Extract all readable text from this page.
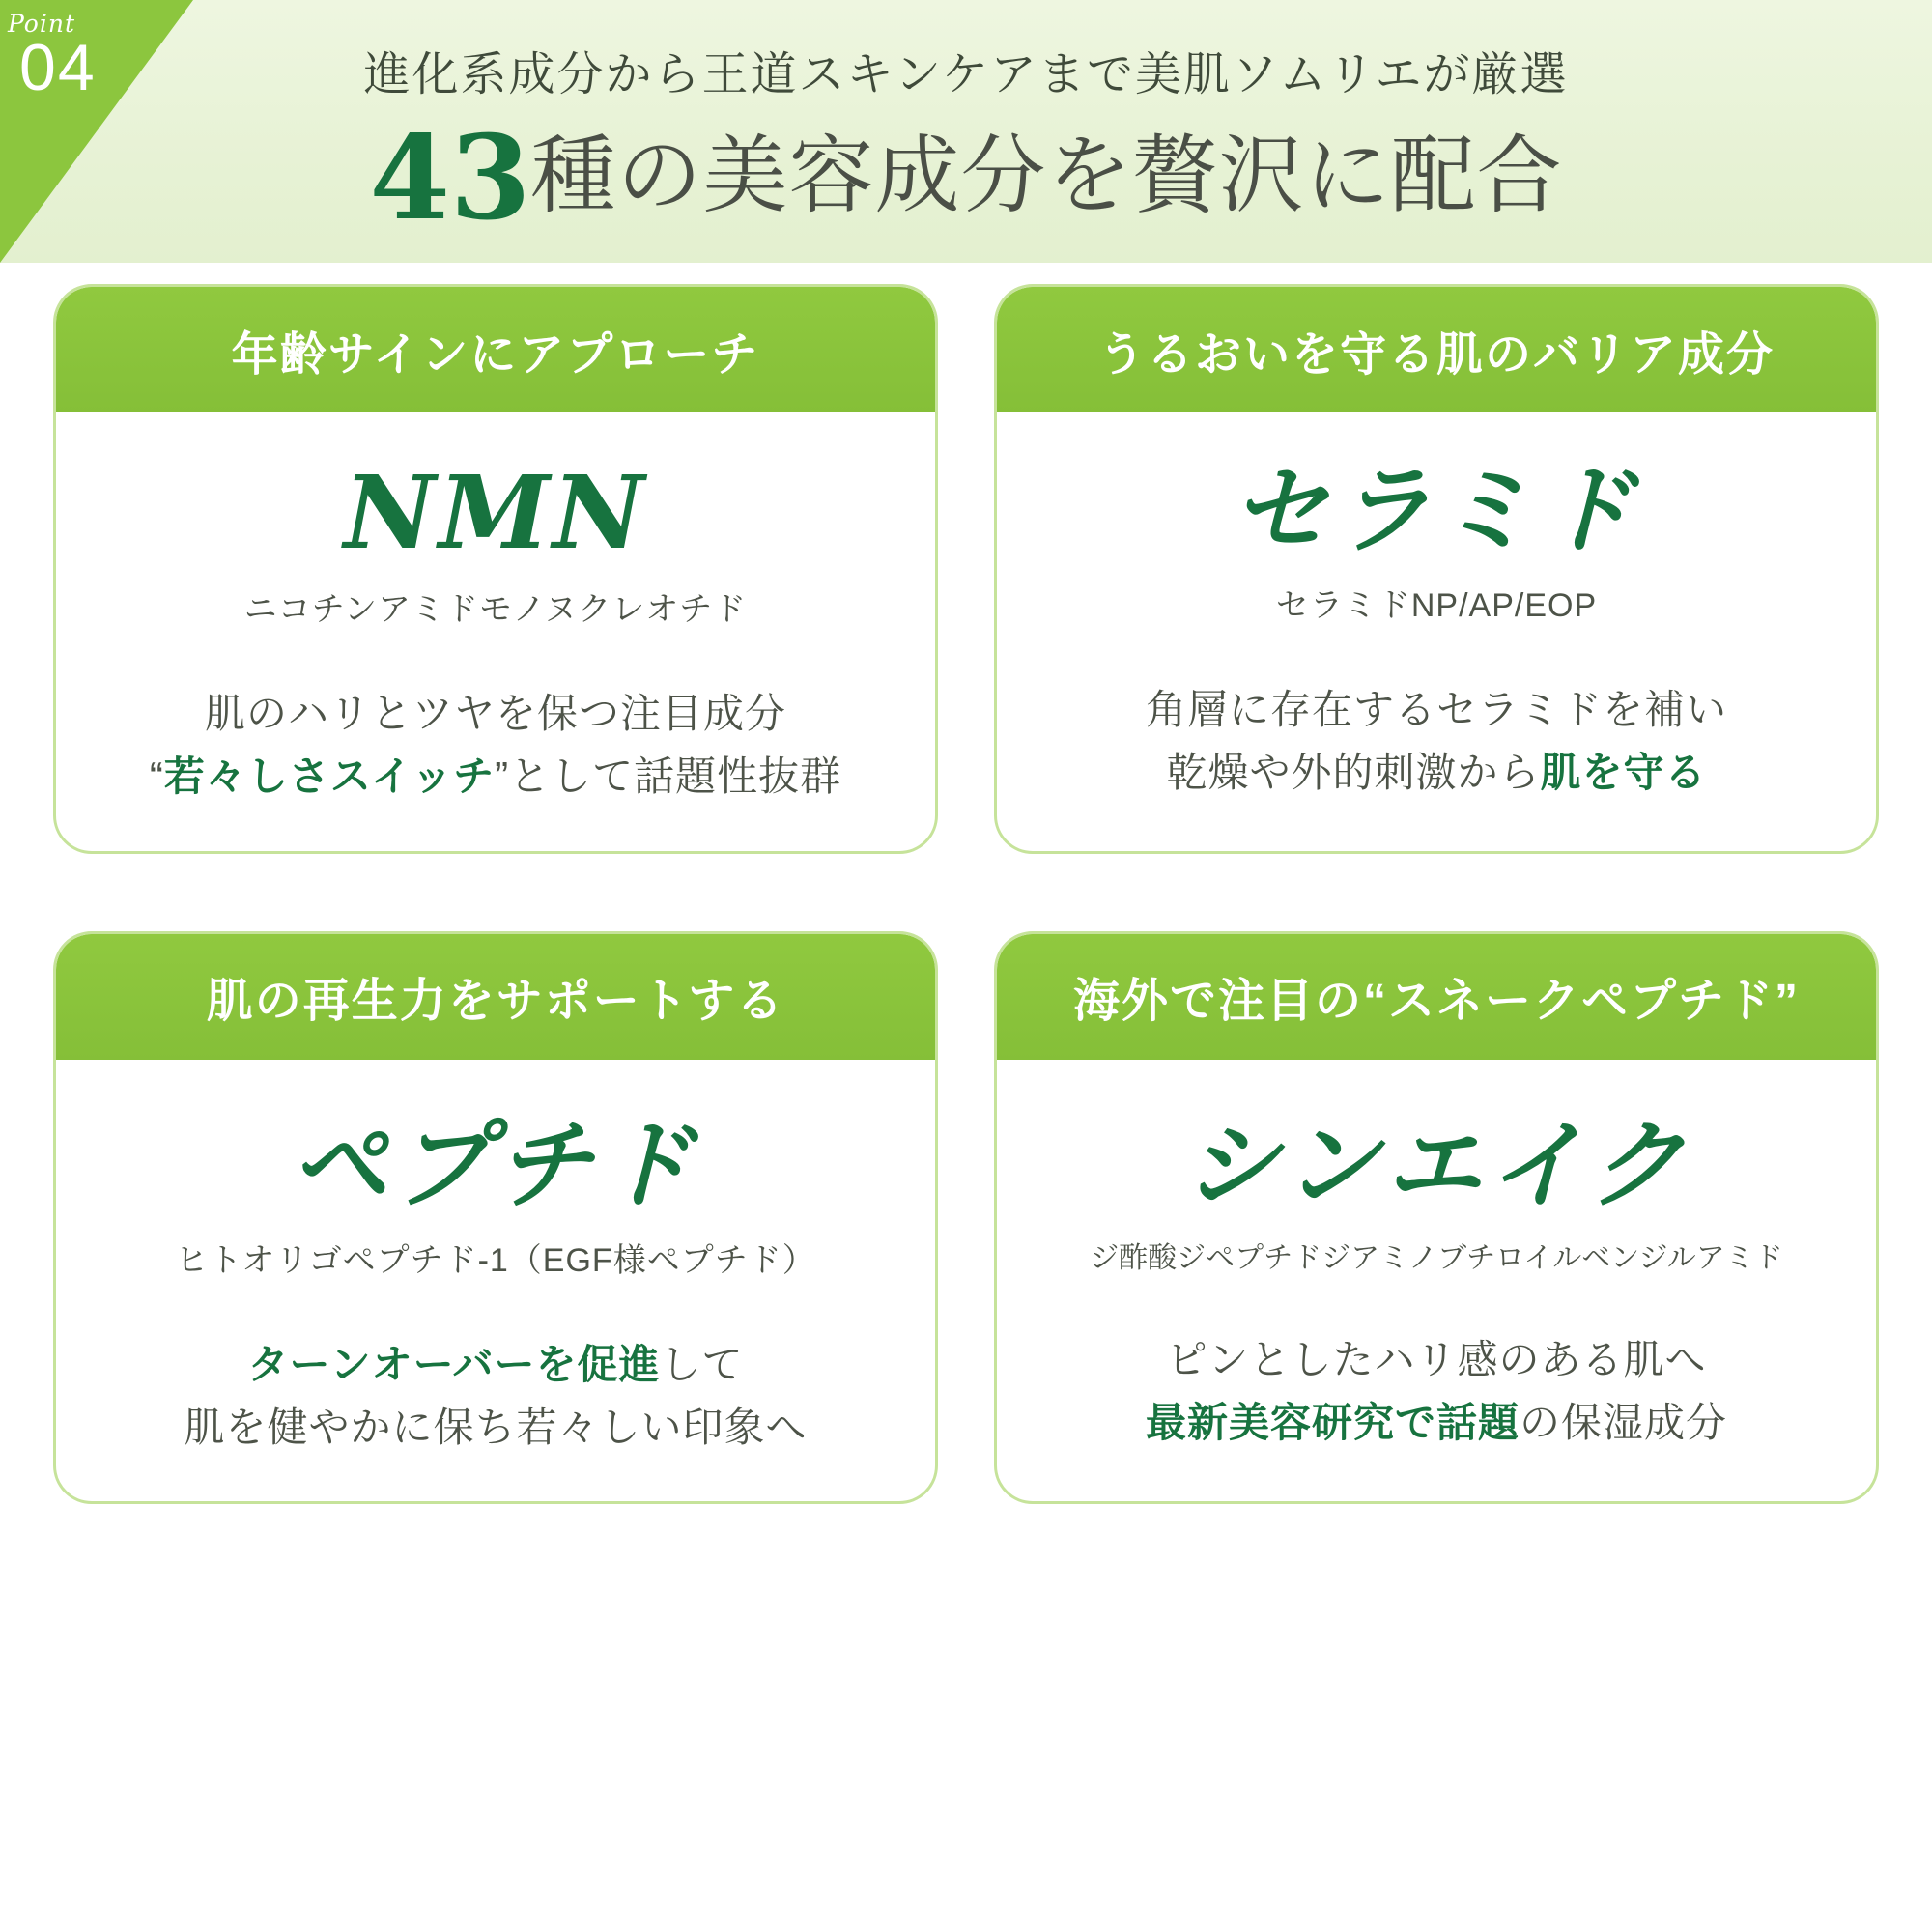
Point
04	進化系成分から王道スキンケアまで美肌ソムリエが厳選
43種の美容成分を贅沢に配合
年齢サインにアプローチ
NMN
ニコチンアミドモノヌクレオチド
肌のハリとツヤを保つ注目成分
“若々しさスイッチ”として話題性抜群
うるおいを守る肌のバリア成分
セラミド
セラミドNP/AP/EOP
角層に存在するセラミドを補い
乾燥や外的刺激から肌を守る
肌の再生力をサポートする
ペプチド
ヒトオリゴペプチド-1（EGF様ペプチド）
ターンオーバーを促進して
肌を健やかに保ち若々しい印象へ
海外で注目の“スネークペプチド”
シンエイク
ジ酢酸ジペプチドジアミノブチロイルベンジルアミド
ピンとしたハリ感のある肌へ
最新美容研究で話題の保湿成分
